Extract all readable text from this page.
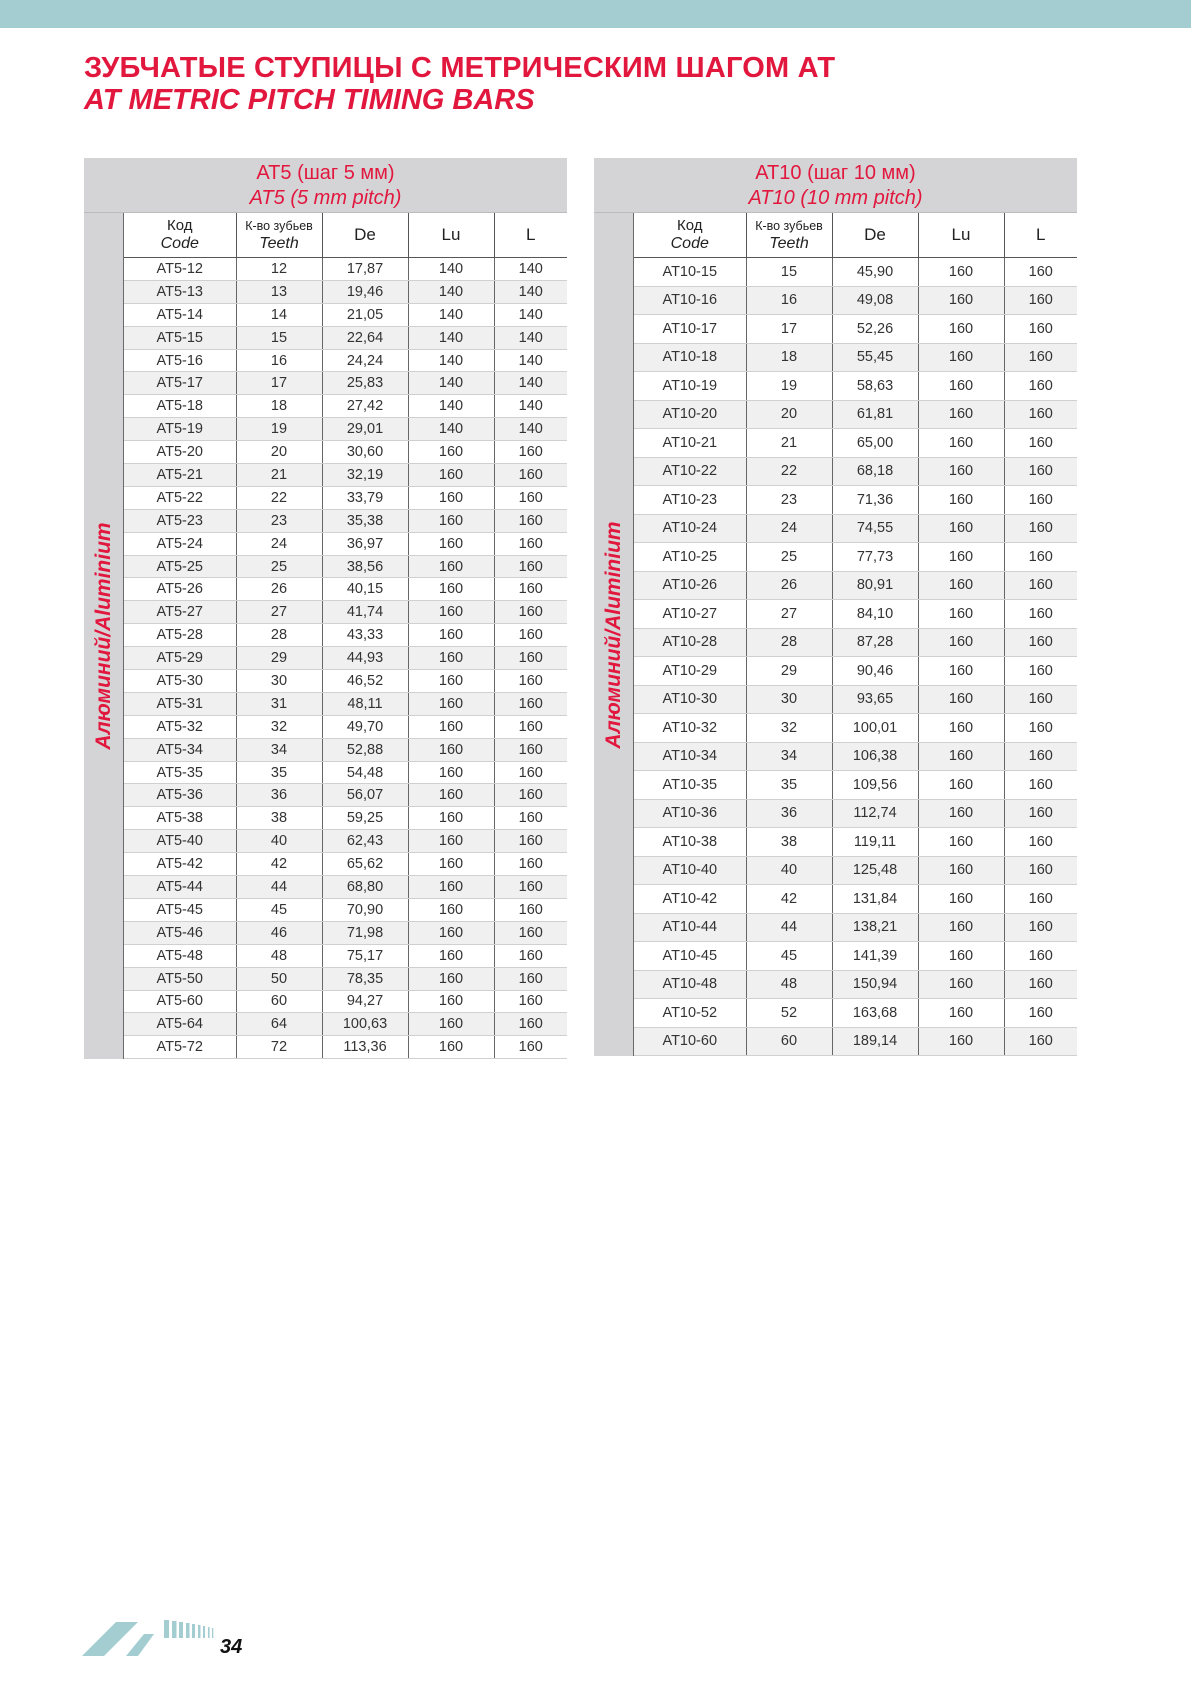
ЗУБЧАТЫЕ СТУПИЦЫ С МЕТРИЧЕСКИМ ШАГОМ АТ
AT METRIC PITCH TIMING BARS
АТ5 (шаг 5 мм)
AT5 (5 mm pitch)
Алюминий/Aluminium
Код
Code	К-во зубьев
Teeth	De	Lu	L
AT5-12	12	17,87	140	140
AT5-13	13	19,46	140	140
AT5-14	14	21,05	140	140
AT5-15	15	22,64	140	140
AT5-16	16	24,24	140	140
AT5-17	17	25,83	140	140
AT5-18	18	27,42	140	140
AT5-19	19	29,01	140	140
AT5-20	20	30,60	160	160
AT5-21	21	32,19	160	160
AT5-22	22	33,79	160	160
AT5-23	23	35,38	160	160
AT5-24	24	36,97	160	160
AT5-25	25	38,56	160	160
AT5-26	26	40,15	160	160
AT5-27	27	41,74	160	160
AT5-28	28	43,33	160	160
AT5-29	29	44,93	160	160
AT5-30	30	46,52	160	160
AT5-31	31	48,11	160	160
AT5-32	32	49,70	160	160
AT5-34	34	52,88	160	160
AT5-35	35	54,48	160	160
AT5-36	36	56,07	160	160
AT5-38	38	59,25	160	160
AT5-40	40	62,43	160	160
AT5-42	42	65,62	160	160
AT5-44	44	68,80	160	160
AT5-45	45	70,90	160	160
AT5-46	46	71,98	160	160
AT5-48	48	75,17	160	160
AT5-50	50	78,35	160	160
AT5-60	60	94,27	160	160
AT5-64	64	100,63	160	160
AT5-72	72	113,36	160	160
АТ10 (шаг 10 мм)
AT10 (10 mm pitch)
Алюминий/Aluminium
Код
Code	К-во зубьев
Teeth	De	Lu	L
AT10-15	15	45,90	160	160
AT10-16	16	49,08	160	160
AT10-17	17	52,26	160	160
AT10-18	18	55,45	160	160
AT10-19	19	58,63	160	160
AT10-20	20	61,81	160	160
AT10-21	21	65,00	160	160
AT10-22	22	68,18	160	160
AT10-23	23	71,36	160	160
AT10-24	24	74,55	160	160
AT10-25	25	77,73	160	160
AT10-26	26	80,91	160	160
AT10-27	27	84,10	160	160
AT10-28	28	87,28	160	160
AT10-29	29	90,46	160	160
AT10-30	30	93,65	160	160
AT10-32	32	100,01	160	160
AT10-34	34	106,38	160	160
AT10-35	35	109,56	160	160
AT10-36	36	112,74	160	160
AT10-38	38	119,11	160	160
AT10-40	40	125,48	160	160
AT10-42	42	131,84	160	160
AT10-44	44	138,21	160	160
AT10-45	45	141,39	160	160
AT10-48	48	150,94	160	160
AT10-52	52	163,68	160	160
AT10-60	60	189,14	160	160
34
